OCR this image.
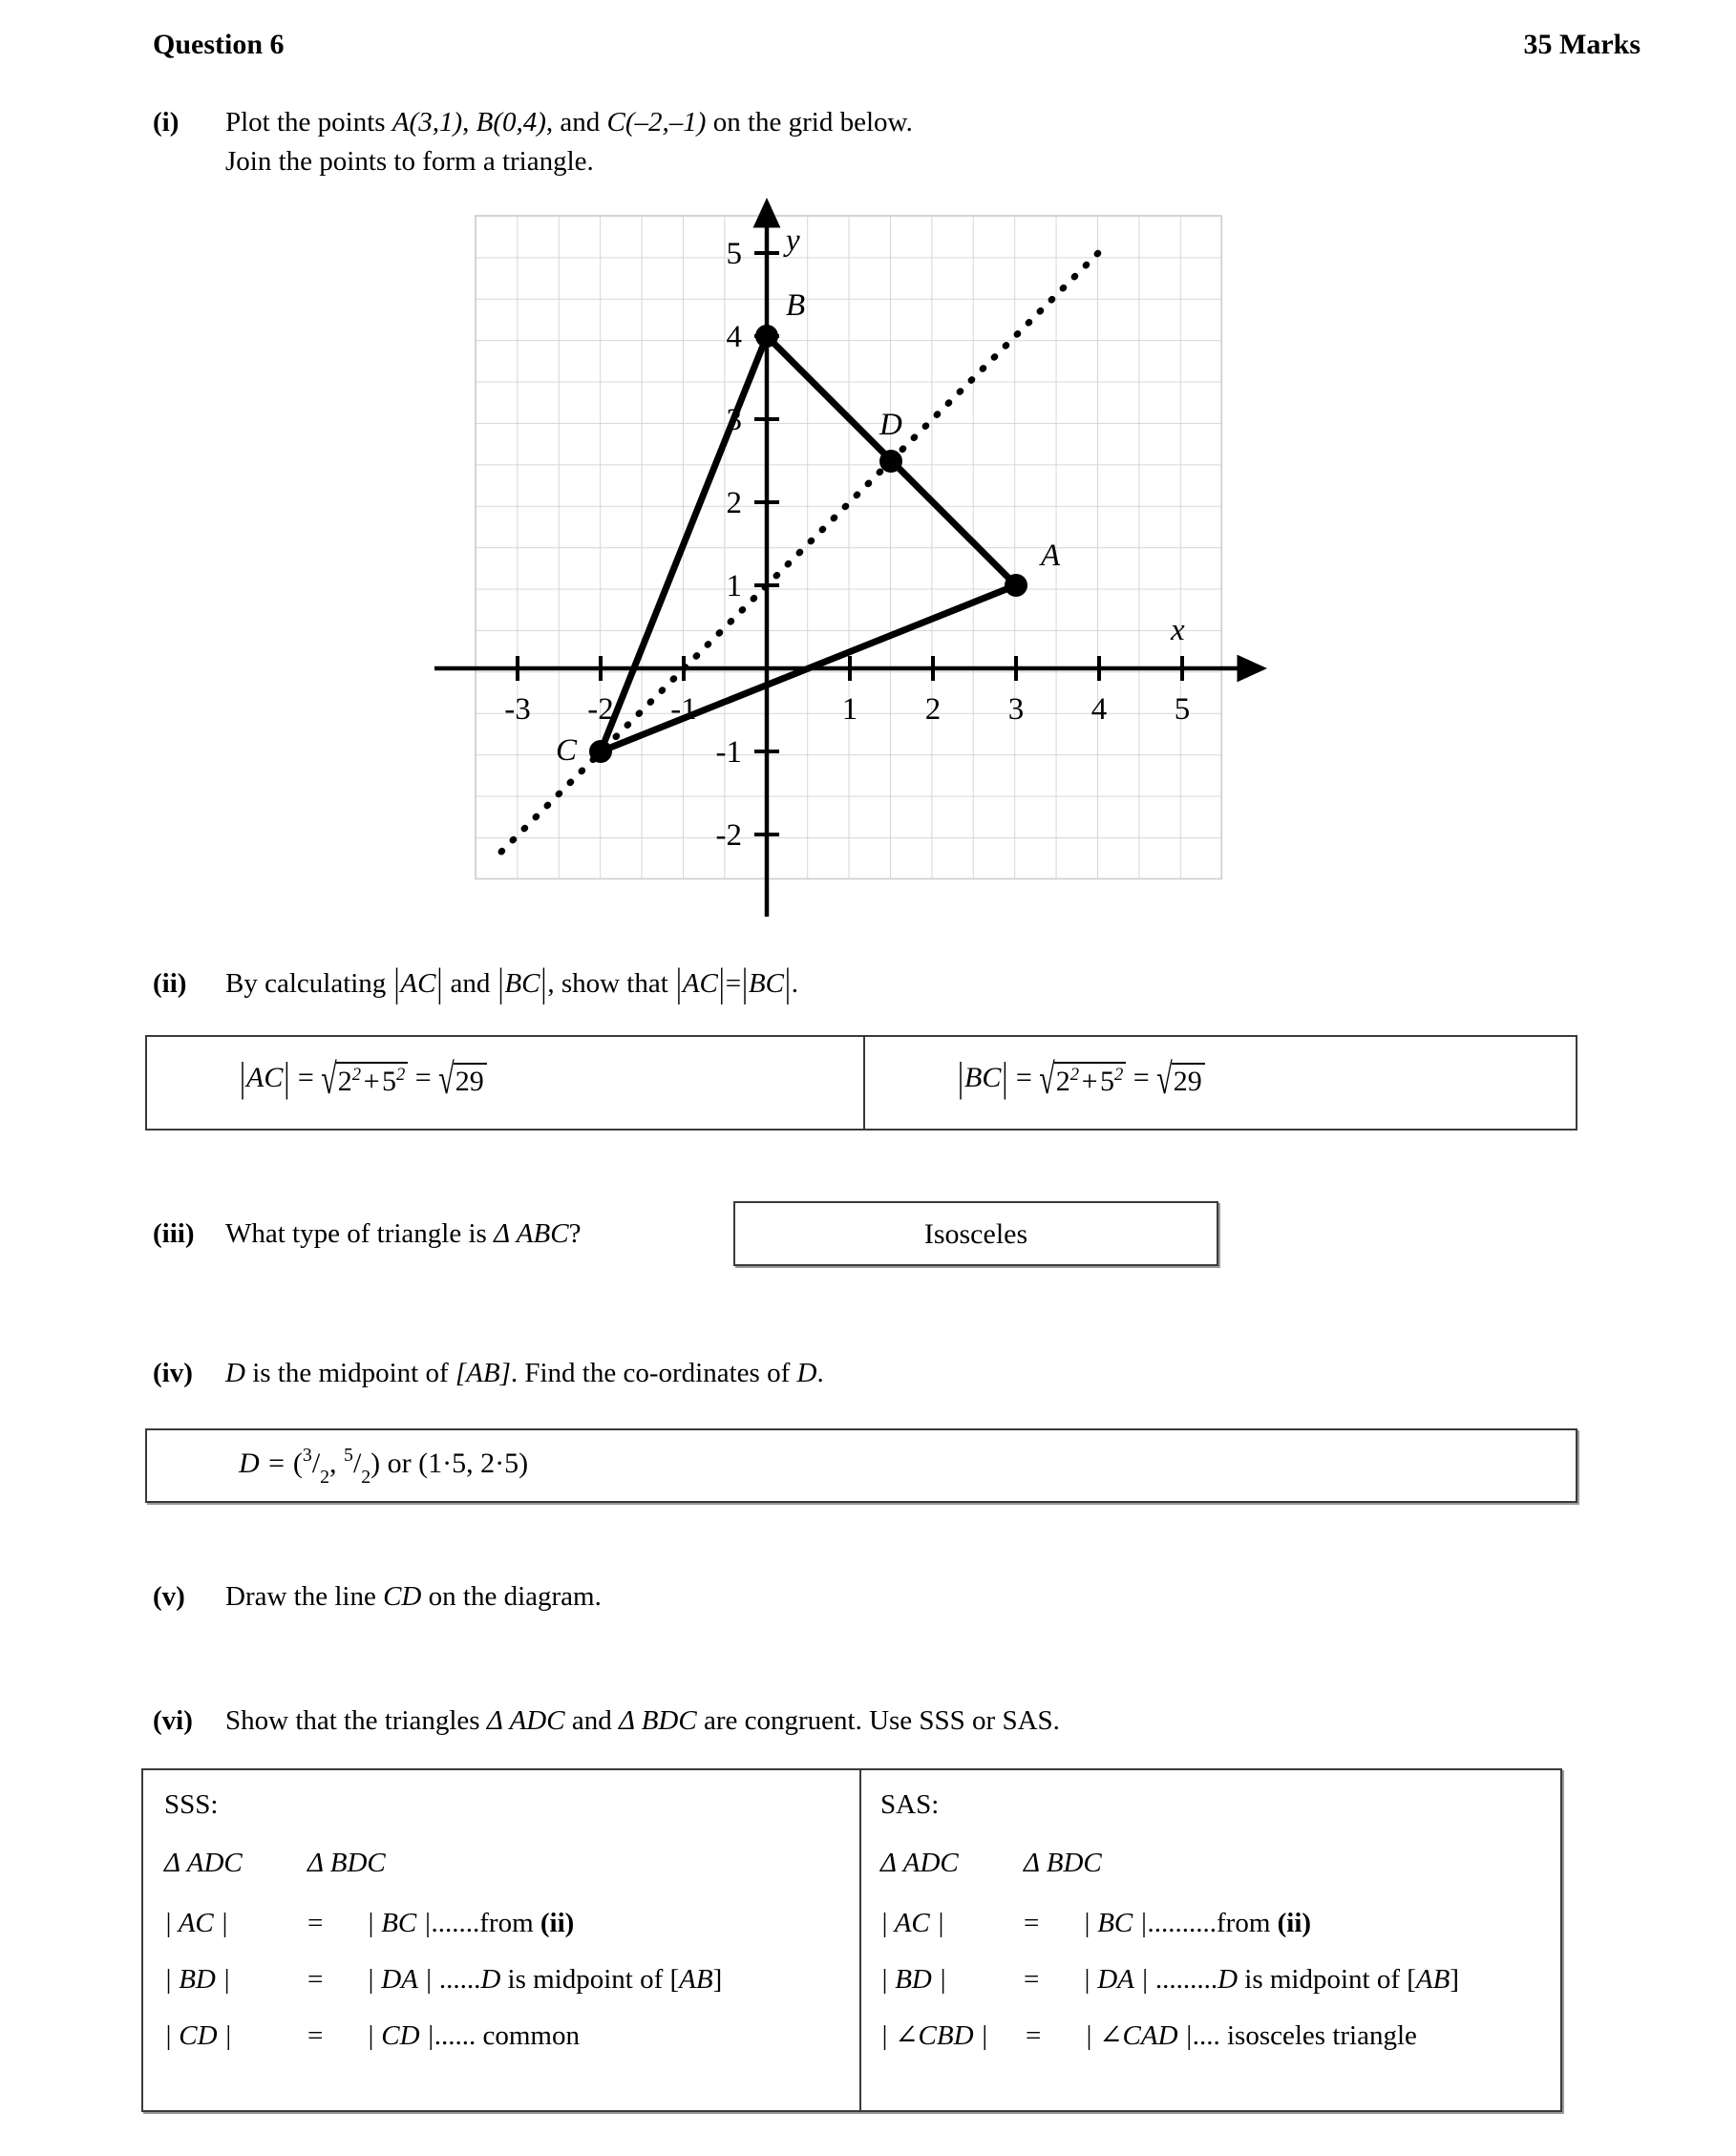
Question 6	35 Marks
(i)	Plot the points A(3,1), B(0,4), and C(–2,–1) on the grid below.
Join the points to form a triangle.
-3 -2 -1	1 2 3 4 5
5
4
3
2
1
-1
-2
y
x
A
B
C
D
(ii)	By calculating |AC| and |BC|, show that |AC|=|BC|.
$|AC| = √2^2$ + $5^2 = √29$	$|BC| = √2^2$ + $5^2 = √29$
(iii)	What type of triangle is Δ ABC?	Isosceles
(iv)	D is the midpoint of [AB]. Find the co-ordinates of D.
$D = (^3/_2$, $^5/_2$) or (1·5, 2·5)
(v)	Draw the line CD on the diagram.
(vi)	Show that the triangles Δ ADC and Δ BDC are congruent. Use SSS or SAS.
SSS:
Δ ADC	Δ BDC
| AC |	=	| BC |.......from (ii)
| BD |	=	| DA | ......D is midpoint of [AB]
| CD |	=	| CD |...... common
SAS:
Δ ADC	Δ BDC
| AC |	=	| BC |..........from (ii)
| BD |	=	| DA | .........D is midpoint of [AB]
| ∠CBD |	=	| ∠CAD |.... isosceles triangle
